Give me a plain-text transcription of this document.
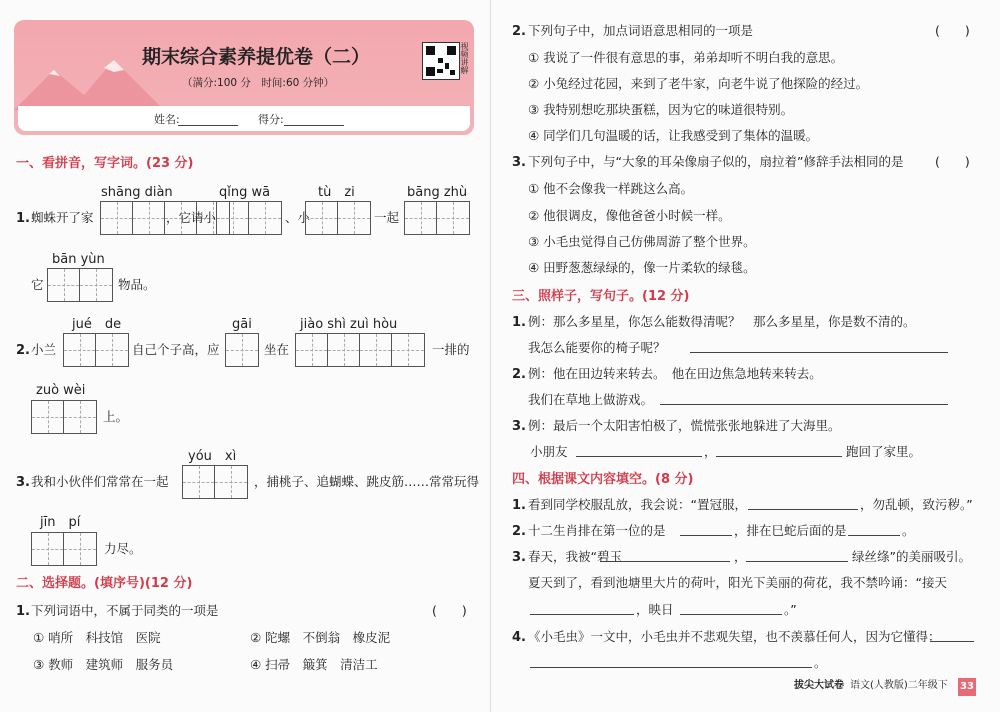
期末综合素养提优卷（二）
（满分:100 分　时间:60 分钟）
视频讲解
姓名:	得分:
一、看拼音，写字词。(23 分)
shāng diàn	qǐng wā	tù　zi	bāng zhù
1. 蜘蛛开了家	，它请小	、小	一起
bān yùn
它	物品。
jué　de	gāi	jiào shì zuì hòu
2. 小兰	自己个子高，应	坐在	一排的
zuò wèi
上。
yóu　xì
3. 我和小伙伴们常常在一起	，捕桃子、追蝴蝶、跳皮筋……常常玩得
jīn　pí
力尽。
二、选择题。(填序号)(12 分)
1. 下列词语中，不属于同类的一项是	(　　)
① 哨所　科技馆　医院	② 陀螺　不倒翁　橡皮泥
③ 教师　建筑师　服务员	④ 扫帚　簸箕　清洁工
2. 下列句子中，加点词语意思相同的一项是	(　　)
① 我说了一件很有意思的事，弟弟却听不明白我的意思。
② 小兔经过花园，来到了老牛家，向老牛说了他探险的经过。
③ 我特别想吃那块蛋糕，因为它的味道很特别。
④ 同学们几句温暖的话，让我感受到了集体的温暖。
3. 下列句子中，与“大象的耳朵像扇子似的，扇拉着”修辞手法相同的是	(　　)
① 他不会像我一样跳这么高。
② 他很调皮，像他爸爸小时候一样。
③ 小毛虫觉得自己仿佛周游了整个世界。
④ 田野葱葱绿绿的，像一片柔软的绿毯。
三、照样子，写句子。(12 分)
1. 例：那么多星星，你怎么能数得清呢？　那么多星星，你是数不清的。
我怎么能要你的椅子呢？
2. 例：他在田边转来转去。　他在田边焦急地转来转去。
我们在草地上做游戏。
3. 例：最后一个太阳害怕极了，慌慌张张地躲进了大海里。
小朋友	，	跑回了家里。
四、根据课文内容填空。(8 分)
1. 看到同学校服乱放，我会说：“置冠服，	，勿乱顿，致污秽。”
2. 十二生肖排在第一位的是	，排在巳蛇后面的是	。
3. 春天，我被“碧玉	，	绿丝绦”的美丽吸引。
夏天到了，看到池塘里大片的荷叶，阳光下美丽的荷花，我不禁吟诵：“接天
，映日	。”
4. 《小毛虫》一文中，小毛虫并不悲观失望，也不羡慕任何人，因为它懂得：
。
拔尖大试卷 语文(人教版)二年级下 33
